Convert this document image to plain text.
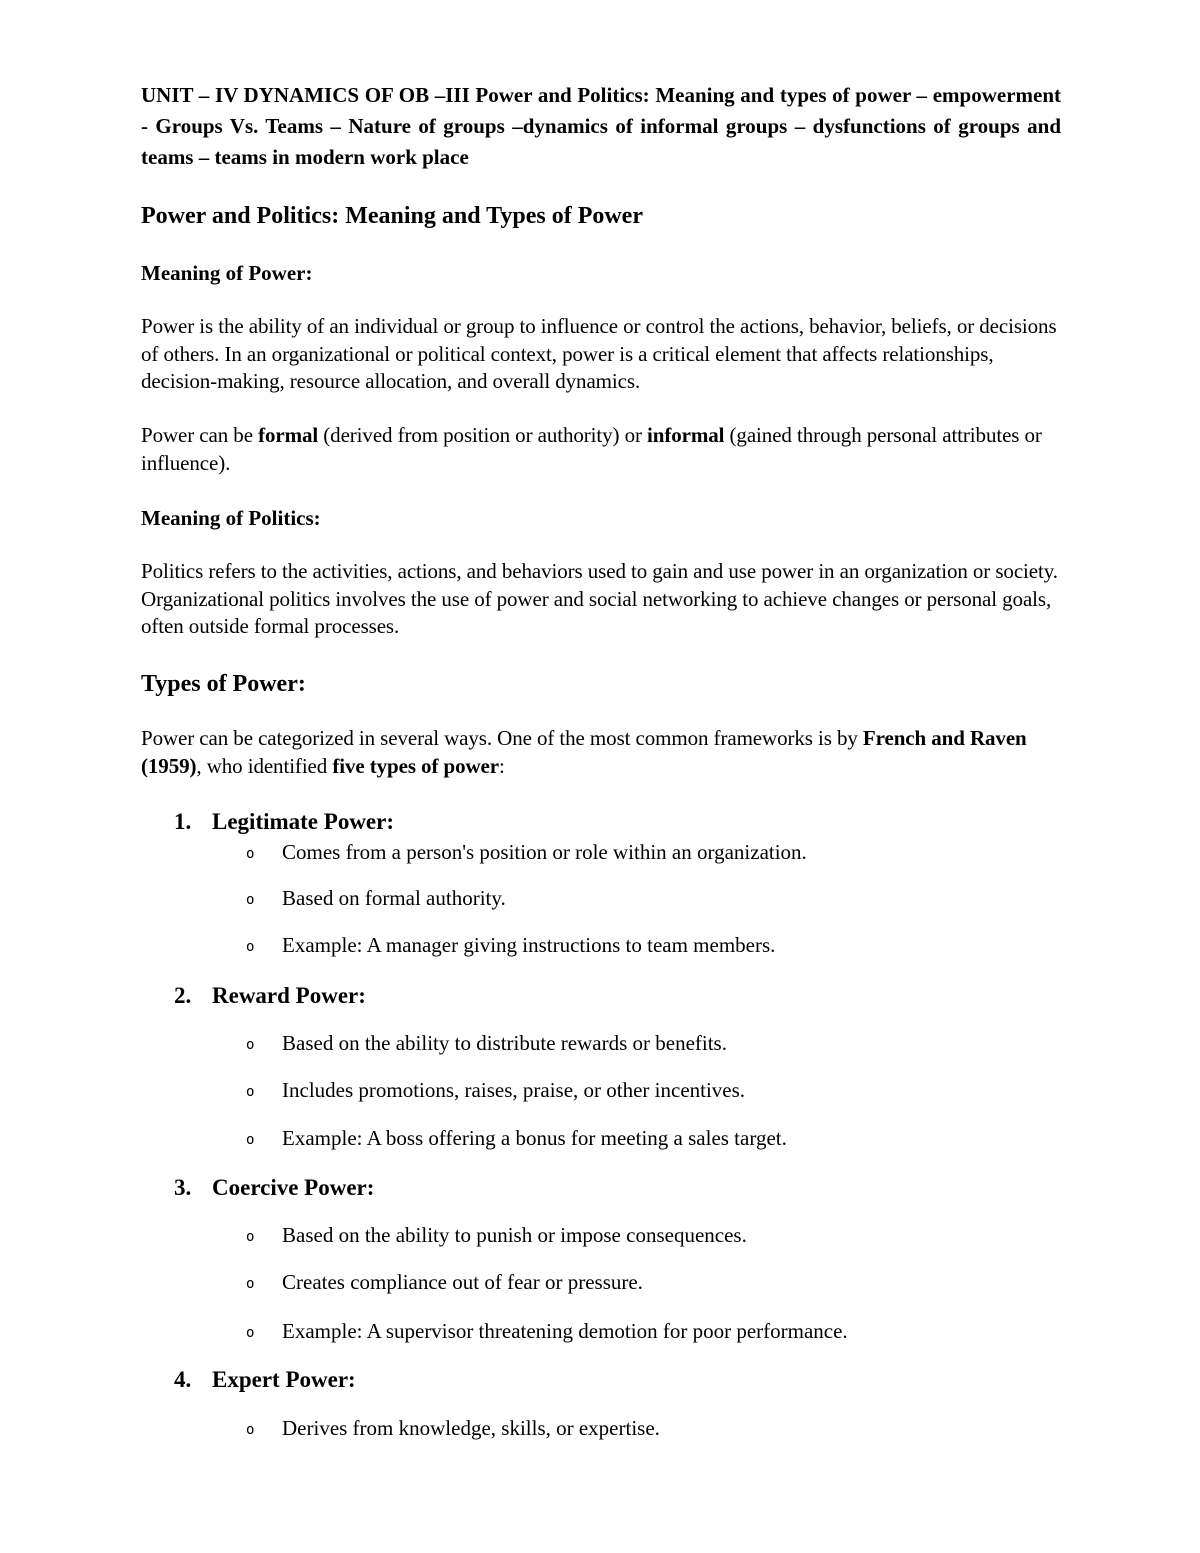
UNIT – IV DYNAMICS OF OB –III Power and Politics: Meaning and types of power – empowerment - Groups Vs. Teams – Nature of groups –dynamics of informal groups – dysfunctions of groups and teams – teams in modern work place
Power and Politics: Meaning and Types of Power
Meaning of Power:
Power is the ability of an individual or group to influence or control the actions, behavior, beliefs, or decisions of others. In an organizational or political context, power is a critical element that affects relationships, decision-making, resource allocation, and overall dynamics.
Power can be formal (derived from position or authority) or informal (gained through personal attributes or influence).
Meaning of Politics:
Politics refers to the activities, actions, and behaviors used to gain and use power in an organization or society. Organizational politics involves the use of power and social networking to achieve changes or personal goals, often outside formal processes.
Types of Power:
Power can be categorized in several ways. One of the most common frameworks is by French and Raven (1959), who identified five types of power:
1. Legitimate Power:
o Comes from a person's position or role within an organization.
o Based on formal authority.
o Example: A manager giving instructions to team members.
2. Reward Power:
o Based on the ability to distribute rewards or benefits.
o Includes promotions, raises, praise, or other incentives.
o Example: A boss offering a bonus for meeting a sales target.
3. Coercive Power:
o Based on the ability to punish or impose consequences.
o Creates compliance out of fear or pressure.
o Example: A supervisor threatening demotion for poor performance.
4. Expert Power:
o Derives from knowledge, skills, or expertise.
